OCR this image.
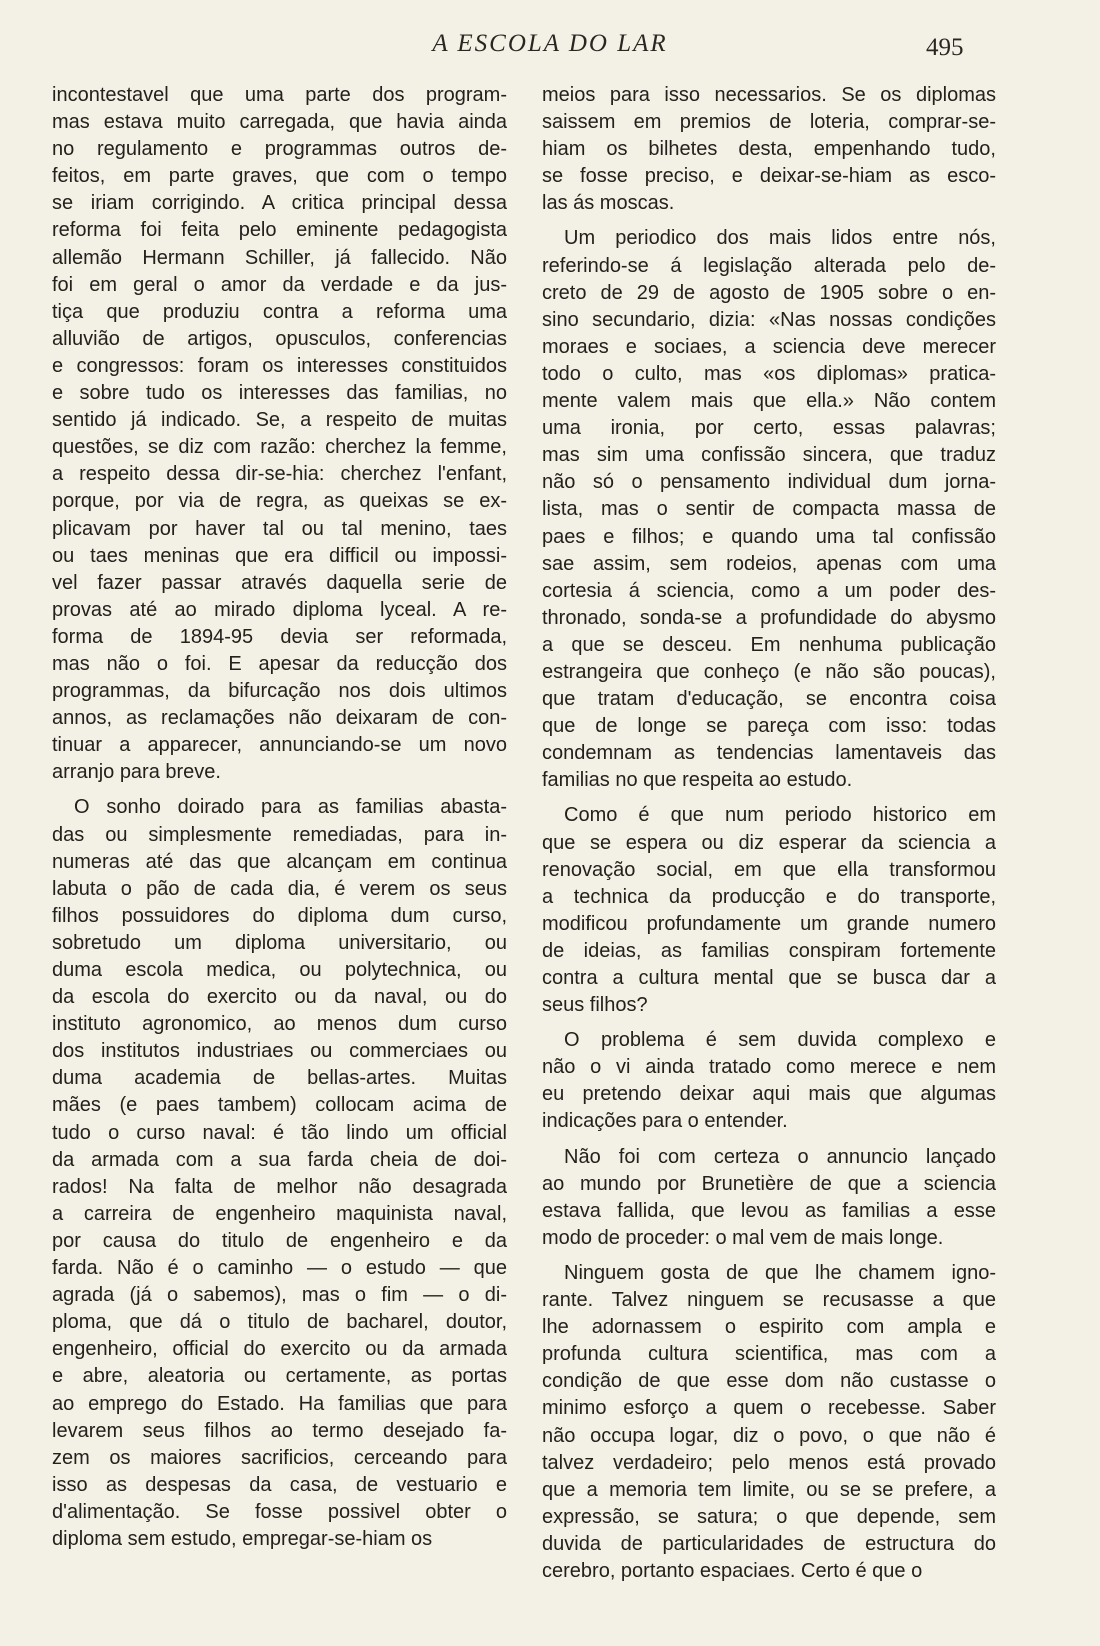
A ESCOLA DO LAR	495
incontestavel que uma parte dos program-
mas estava muito carregada, que havia ainda
no regulamento e programmas outros de-
feitos, em parte graves, que com o tempo
se iriam corrigindo. A critica principal dessa
reforma foi feita pelo eminente pedagogista
allemão Hermann Schiller, já fallecido. Não
foi em geral o amor da verdade e da jus-
tiça que produziu contra a reforma uma
alluvião de artigos, opusculos, conferencias
e congressos: foram os interesses constituidos
e sobre tudo os interesses das familias, no
sentido já indicado. Se, a respeito de muitas
questões, se diz com razão: cherchez la femme,
a respeito dessa dir-se-hia: cherchez l'enfant,
porque, por via de regra, as queixas se ex-
plicavam por haver tal ou tal menino, taes
ou taes meninas que era difficil ou impossi-
vel fazer passar através daquella serie de
provas até ao mirado diploma lyceal. A re-
forma de 1894-95 devia ser reformada,
mas não o foi. E apesar da reducção dos
programmas, da bifurcação nos dois ultimos
annos, as reclamações não deixaram de con-
tinuar a apparecer, annunciando-se um novo
arranjo para breve.
O sonho doirado para as familias abasta-
das ou simplesmente remediadas, para in-
numeras até das que alcançam em continua
labuta o pão de cada dia, é verem os seus
filhos possuidores do diploma dum curso,
sobretudo um diploma universitario, ou
duma escola medica, ou polytechnica, ou
da escola do exercito ou da naval, ou do
instituto agronomico, ao menos dum curso
dos institutos industriaes ou commerciaes ou
duma academia de bellas-artes. Muitas
mães (e paes tambem) collocam acima de
tudo o curso naval: é tão lindo um official
da armada com a sua farda cheia de doi-
rados! Na falta de melhor não desagrada
a carreira de engenheiro maquinista naval,
por causa do titulo de engenheiro e da
farda. Não é o caminho — o estudo — que
agrada (já o sabemos), mas o fim — o di-
ploma, que dá o titulo de bacharel, doutor,
engenheiro, official do exercito ou da armada
e abre, aleatoria ou certamente, as portas
ao emprego do Estado. Ha familias que para
levarem seus filhos ao termo desejado fa-
zem os maiores sacrificios, cerceando para
isso as despesas da casa, de vestuario e
d'alimentação. Se fosse possivel obter o
diploma sem estudo, empregar-se-hiam os
meios para isso necessarios. Se os diplomas
saissem em premios de loteria, comprar-se-
hiam os bilhetes desta, empenhando tudo,
se fosse preciso, e deixar-se-hiam as esco-
las ás moscas.
Um periodico dos mais lidos entre nós,
referindo-se á legislação alterada pelo de-
creto de 29 de agosto de 1905 sobre o en-
sino secundario, dizia: «Nas nossas condições
moraes e sociaes, a sciencia deve merecer
todo o culto, mas «os diplomas» pratica-
mente valem mais que ella.» Não contem
uma ironia, por certo, essas palavras;
mas sim uma confissão sincera, que traduz
não só o pensamento individual dum jorna-
lista, mas o sentir de compacta massa de
paes e filhos; e quando uma tal confissão
sae assim, sem rodeios, apenas com uma
cortesia á sciencia, como a um poder des-
thronado, sonda-se a profundidade do abysmo
a que se desceu. Em nenhuma publicação
estrangeira que conheço (e não são poucas),
que tratam d'educação, se encontra coisa
que de longe se pareça com isso: todas
condemnam as tendencias lamentaveis das
familias no que respeita ao estudo.
Como é que num periodo historico em
que se espera ou diz esperar da sciencia a
renovação social, em que ella transformou
a technica da producção e do transporte,
modificou profundamente um grande numero
de ideias, as familias conspiram fortemente
contra a cultura mental que se busca dar a
seus filhos?
O problema é sem duvida complexo e
não o vi ainda tratado como merece e nem
eu pretendo deixar aqui mais que algumas
indicações para o entender.
Não foi com certeza o annuncio lançado
ao mundo por Brunetière de que a sciencia
estava fallida, que levou as familias a esse
modo de proceder: o mal vem de mais longe.
Ninguem gosta de que lhe chamem igno-
rante. Talvez ninguem se recusasse a que
lhe adornassem o espirito com ampla e
profunda cultura scientifica, mas com a
condição de que esse dom não custasse o
minimo esforço a quem o recebesse. Saber
não occupa logar, diz o povo, o que não é
talvez verdadeiro; pelo menos está provado
que a memoria tem limite, ou se se prefere, a
expressão, se satura; o que depende, sem
duvida de particularidades de estructura do
cerebro, portanto espaciaes. Certo é que o
